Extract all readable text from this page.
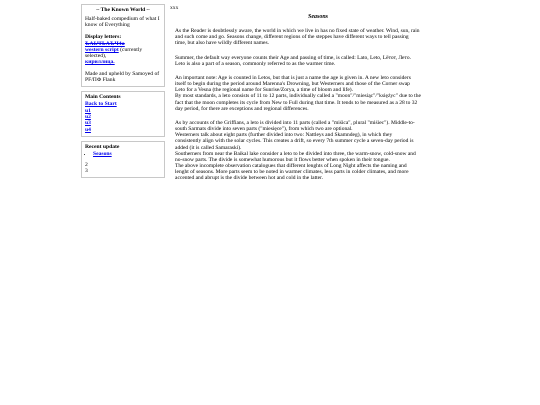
~ The Known World ~
Half-baked compedium of what I know of Everything
Display letters:
ЪАЬЧЪАЪЧ4а
western script (currently selected),
кириллица.
Made and upheld by Samoyed of PF/ПФ Flank
Main Contents
Back to Start
u1
u2
u3
u4
Recent update
• Seasons
2
3
xxx
Seasons
As the Reader is deubtlessly aware, the world in which we live in has no fixed state of weather. Wind, sun, rain
and such come and go. Seasons change, different regions of the steppes have different ways to tell passing
time, but also have wildly different names.
Summer, the default way everyone counts their Age and passing of time, is called: Lato, Leto, Lётот, Лето.
Leto is also a part of a season, commonly referred to as the warmer time.
An important note: Age is counted in Letos, but that is just a name the age is given in. A new leto considers
itself to begin during the period around Marenna's Drowning, but Westerners and those of the Corner swap
Leto for a Vesna (the regional name for Sunrise/Zorya, a time of bloom and life).
By most standards, a leto consists of 11 to 12 parts, individually called a "moon"/"miesiąc"/"księżyc" due to the
fact that the moon completes its cycle from New to Full during that time. It tends to be measured as a 28 to 32
day period, for there are exceptions and regional differences.
As by accounts of the Griffians, a leto is divided into 11 parts (called a "miśica", plural "miśiec"). Middle-to-
south Sarmats divide into seven parts ("miesięce"), from which two are optional.
Westerners talk about eight parts (further divided into two: Nattleys and Skamndeg), in which they
consistently align with the solar cycles. This creates a drift, so every 7th summer cycle a seven-day period is
added (it is called Samaraski).
Southerners from near the Baikal lake consider a leto to be divided into three, the warm-snow, cold-snow and
no-snow parts. The divide is somewhat humorous but it flows better when spoken in their tongue.
The above incomplete observation catalogues that different lenghts of Long Night affects the naming and
lenght of seasons. More parts seem to be noted in warmer climates, less parts in colder climates, and more
accented and abrupt is the divide between hot and cold in the latter.
